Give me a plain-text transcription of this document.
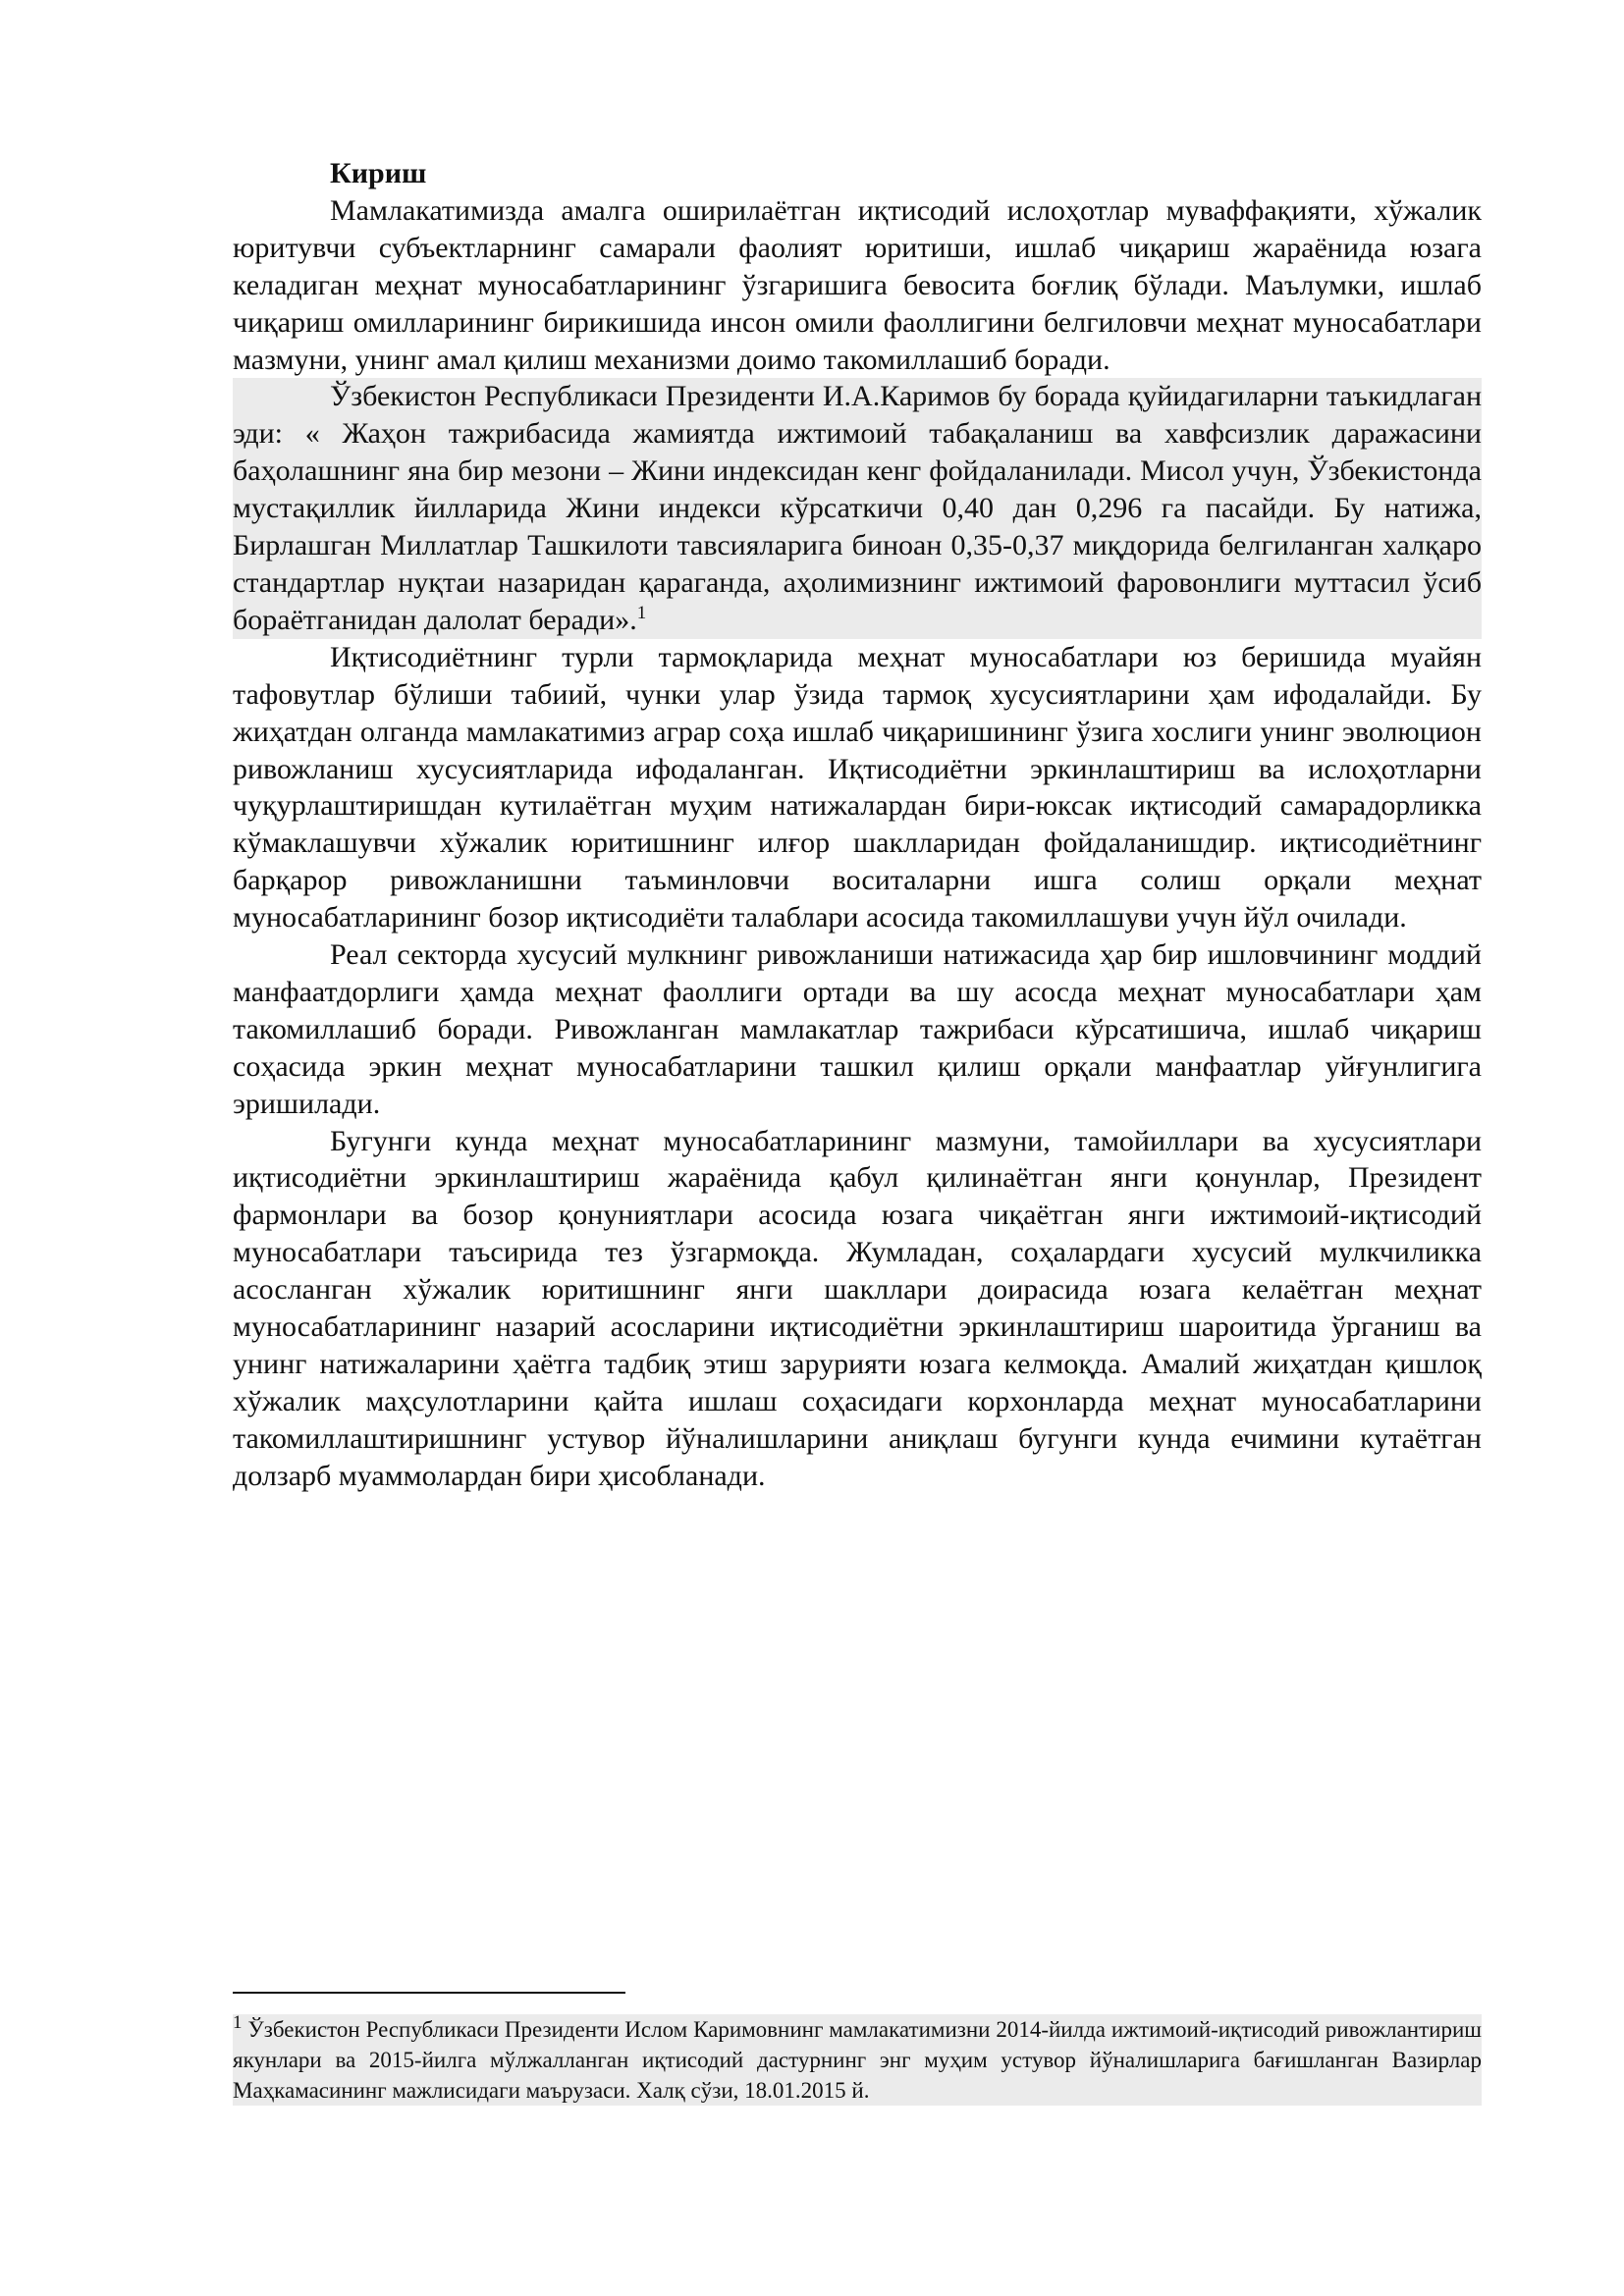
Кириш

Мамлакатимизда амалга оширилаётган иқтисодий ислоҳотлар муваффақияти, хўжалик юритувчи субъектларнинг самарали фаолият юритиши, ишлаб чиқариш жараёнида юзага келадиган меҳнат муносабатларининг ўзгаришига бевосита боғлиқ бўлади. Маълумки, ишлаб чиқариш омилларининг бирикишида инсон омили фаоллигини белгиловчи меҳнат муносабатлари мазмуни, унинг амал қилиш механизми доимо такомиллашиб боради.

Ўзбекистон Республикаси Президенти И.А.Каримов бу борада қуйидагиларни таъкидлаган эди: « Жаҳон тажрибасида жамиятда ижтимоий табақаланиш ва хавфсизлик даражасини баҳолашнинг яна бир мезони – Жини индексидан кенг фойдаланилади. Мисол учун, Ўзбекистонда мустақиллик йилларида Жини индекси кўрсаткичи 0,40 дан 0,296 га пасайди. Бу натижа, Бирлашган Миллатлар Ташкилоти тавсияларига биноан 0,35-0,37 миқдорида белгиланган халқаро стандартлар нуқтаи назаридан қараганда, аҳолимизнинг ижтимоий фаровонлиги муттасил ўсиб бораётганидан далолат беради».$^1$

Иқтисодиётнинг турли тармоқларида меҳнат муносабатлари юз беришида муайян тафовутлар бўлиши табиий, чунки улар ўзида тармоқ хусусиятларини ҳам ифодалайди. Бу жиҳатдан олганда мамлакатимиз аграр соҳа ишлаб чиқаришининг ўзига хослиги унинг эволюцион ривожланиш хусусиятларида ифодаланган. Иқтисодиётни эркинлаштириш ва ислоҳотларни чуқурлаштиришдан кутилаётган муҳим натижалардан бири-юксак иқтисодий самарадорликка кўмаклашувчи хўжалик юритишнинг илғор шаклларидан фойдаланишдир. иқтисодиётнинг барқарор ривожланишни таъминловчи воситаларни ишга солиш орқали меҳнат муносабатларининг бозор иқтисодиёти талаблари асосида такомиллашуви учун йўл очилади.

Реал секторда хусусий мулкнинг ривожланиши натижасида ҳар бир ишловчининг моддий манфаатдорлиги ҳамда меҳнат фаоллиги ортади ва шу асосда меҳнат муносабатлари ҳам такомиллашиб боради. Ривожланган мамлакатлар тажрибаси кўрсатишича, ишлаб чиқариш соҳасида эркин меҳнат муносабатларини ташкил қилиш орқали манфаатлар уйғунлигига эришилади.

Бугунги кунда меҳнат муносабатларининг мазмуни, тамойиллари ва хусусиятлари иқтисодиётни эркинлаштириш жараёнида қабул қилинаётган янги қонунлар, Президент фармонлари ва бозор қонуниятлари асосида юзага чиқаётган янги ижтимоий-иқтисодий муносабатлари таъсирида тез ўзгармоқда. Жумладан, соҳалардаги хусусий мулкчиликка асосланган хўжалик юритишнинг янги шакллари доирасида юзага келаётган меҳнат муносабатларининг назарий асосларини иқтисодиётни эркинлаштириш шароитида ўрганиш ва унинг натижаларини ҳаётга тадбиқ этиш зарурияти юзага келмоқда. Амалий жиҳатдан қишлоқ хўжалик маҳсулотларини қайта ишлаш соҳасидаги корхонларда меҳнат муносабатларини такомиллаштиришнинг устувор йўналишларини аниқлаш бугунги кунда ечимини кутаётган долзарб муаммолардан бири ҳисобланади.

$^1$ Ўзбекистон Республикаси Президенти Ислом Каримовнинг мамлакатимизни 2014-йилда ижтимоий-иқтисодий ривожлантириш якунлари ва 2015-йилга мўлжалланган иқтисодий дастурнинг энг муҳим устувор йўналишларига бағишланган Вазирлар Маҳкамасининг мажлисидаги маърузаси. Халқ сўзи, 18.01.2015 й.
